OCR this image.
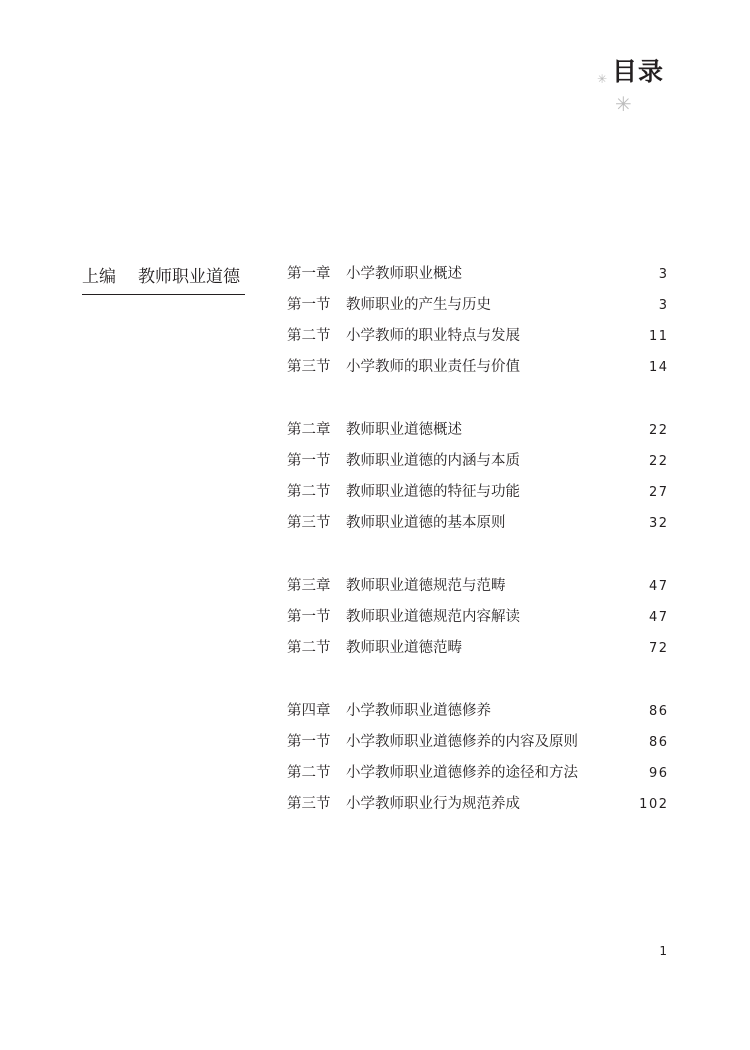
目录
✳
✳
上编 教师职业道德	第一章	小学教师职业概述	3
第一节	教师职业的产生与历史	3
第二节	小学教师的职业特点与发展	11
第三节	小学教师的职业责任与价值	14
第二章	教师职业道德概述	22
第一节	教师职业道德的内涵与本质	22
第二节	教师职业道德的特征与功能	27
第三节	教师职业道德的基本原则	32
第三章	教师职业道德规范与范畴	47
第一节	教师职业道德规范内容解读	47
第二节	教师职业道德范畴	72
第四章	小学教师职业道德修养	86
第一节	小学教师职业道德修养的内容及原则	86
第二节	小学教师职业道德修养的途径和方法	96
第三节	小学教师职业行为规范养成	102
1
